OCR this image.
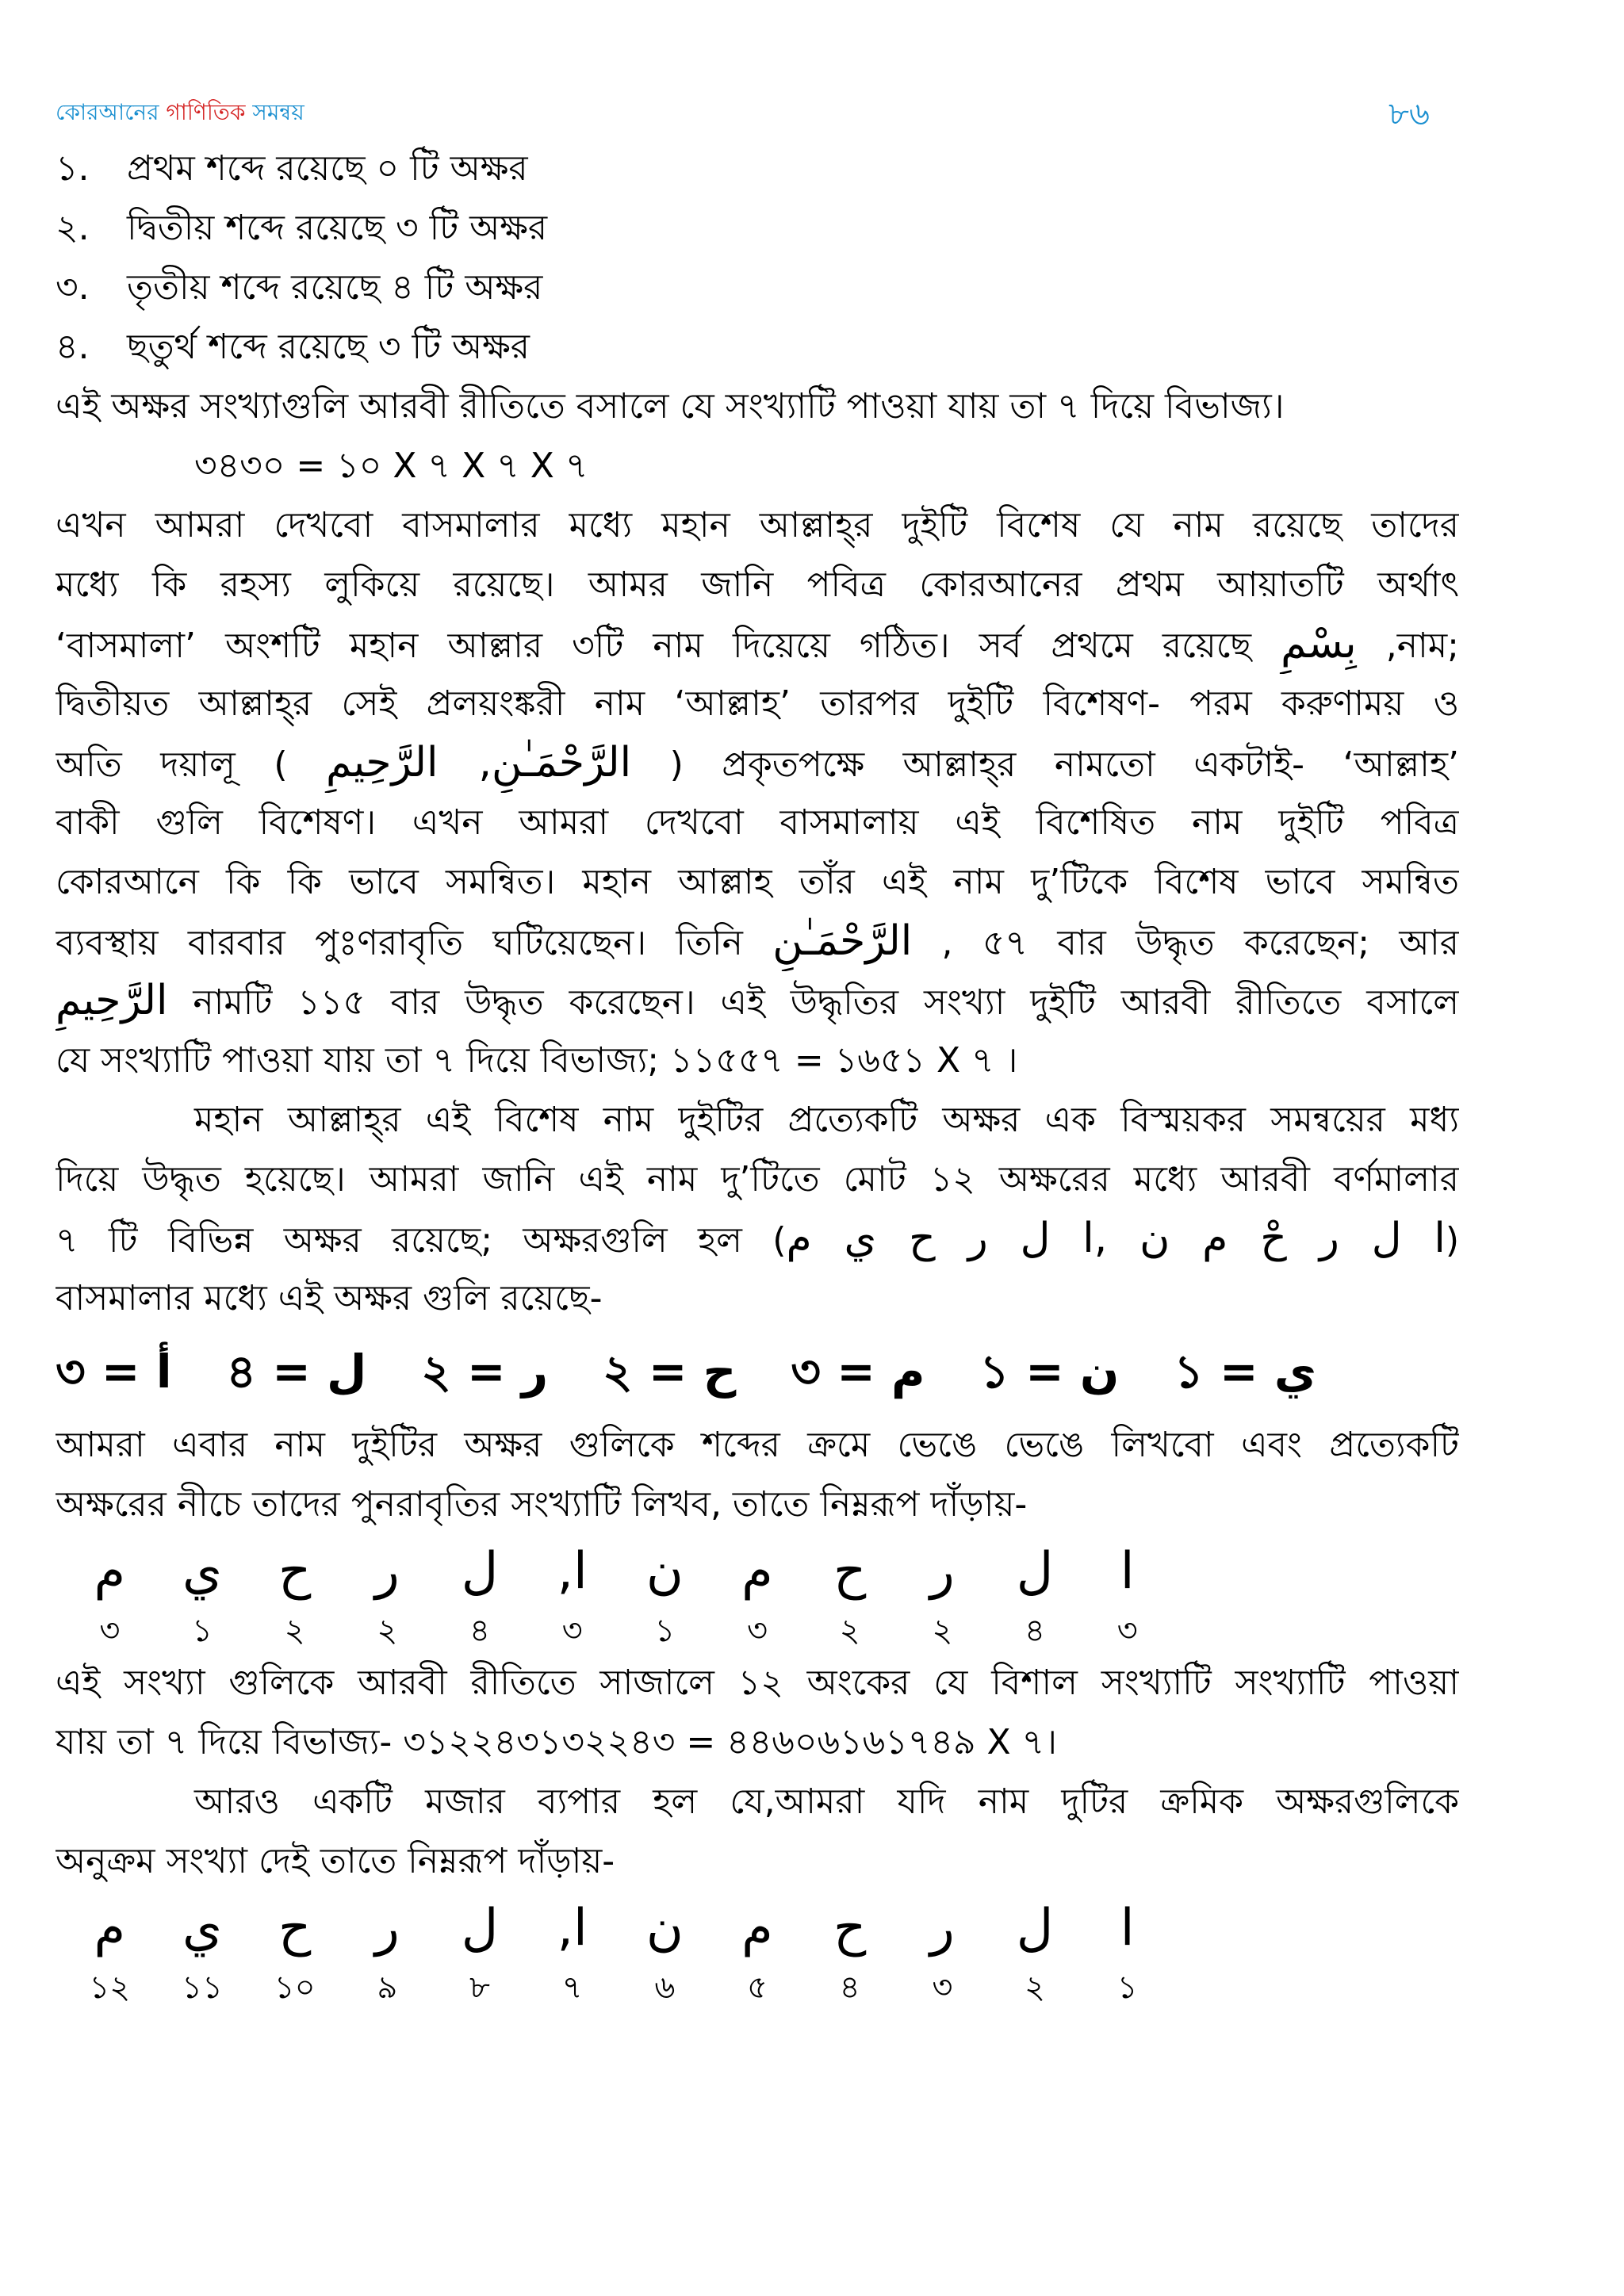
কোরআনের গাণিতিক সমন্বয়	৮৬
১. প্রথম শব্দে রয়েছে ০ টি অক্ষর
২. দ্বিতীয় শব্দে রয়েছে ৩ টি অক্ষর
৩. তৃতীয় শব্দে রয়েছে ৪ টি অক্ষর
৪. ছতুর্থ শব্দে রয়েছে ৩ টি অক্ষর
এই অক্ষর সংখ্যাগুলি আরবী রীতিতে বসালে যে সংখ্যাটি পাওয়া যায় তা ৭ দিয়ে বিভাজ্য।
৩৪৩০ = ১০ X ৭ X ৭ X ৭
এখন আমরা দেখবো বাসমালার মধ্যে মহান আল্লাহ্‌র দুইটি বিশেষ যে নাম রয়েছে তাদের
মধ্যে কি রহস্য লুকিয়ে রয়েছে। আমর জানি পবিত্র কোরআনের প্রথম আয়াতটি অর্থাৎ
‘বাসমালা’ অংশটি মহান আল্লার ৩টি নাম দিয়েয়ে গঠিত। সর্ব প্রথমে রয়েছে بِسْمِ ,নাম;
দ্বিতীয়ত আল্লাহ্‌র সেই প্রলয়ংঙ্করী নাম ‘আল্লাহ’ তারপর দুইটি বিশেষণ- পরম করুণাময় ও
অতি দয়ালূ ( الرَّحْمَـٰنِ, الرَّحِيمِ ) প্রকৃতপক্ষে আল্লাহ্‌র নামতো একটাই- ‘আল্লাহ’
বাকী গুলি বিশেষণ। এখন আমরা দেখবো বাসমালায় এই বিশেষিত নাম দুইটি পবিত্র
কোরআনে কি কি ভাবে সমন্বিত। মহান আল্লাহ তাঁর এই নাম দু’টিকে বিশেষ ভাবে সমন্বিত
ব্যবস্থায় বারবার পুঃণরাবৃতি ঘটিয়েছেন। তিনি الرَّحْمَـٰنِ , ৫৭ বার উদ্ধৃত করেছেন; আর
الرَّحِيمِ নামটি ১১৫ বার উদ্ধৃত করেছেন। এই উদ্ধৃতির সংখ্যা দুইটি আরবী রীতিতে বসালে
যে সংখ্যাটি পাওয়া যায় তা ৭ দিয়ে বিভাজ্য; ১১৫৫৭ = ১৬৫১ X ৭ ।
মহান আল্লাহ্‌র এই বিশেষ নাম দুইটির প্রত্যেকটি অক্ষর এক বিস্ময়কর সমন্বয়ের মধ্য
দিয়ে উদ্ধৃত হয়েছে। আমরা জানি এই নাম দু’টিতে মোট ১২ অক্ষরের মধ্যে আরবী বর্ণমালার
৭ টি বিভিন্ন অক্ষর রয়েছে; অক্ষরগুলি হল (ا ل ر حْ م ن ,ا ل ر ح ي م)
বাসমালার মধ্যে এই অক্ষর গুলি রয়েছে-
أ = ৩ ل = ৪ ر = ২ ح = ২ م = ৩ ن = ১ ي = ১
আমরা এবার নাম দুইটির অক্ষর গুলিকে শব্দের ক্রমে ভেঙে ভেঙে লিখবো এবং প্রত্যেকটি
অক্ষরের নীচে তাদের পুনরাবৃতির সংখ্যাটি লিখব, তাতে নিম্নরূপ দাঁড়ায়-
م	ي	ح	ر	ل	ا,	ن	م	ح	ر	ل	ا
৩	১	২	২	৪	৩	১	৩	২	২	৪	৩
এই সংখ্যা গুলিকে আরবী রীতিতে সাজালে ১২ অংকের যে বিশাল সংখ্যাটি সংখ্যাটি পাওয়া
যায় তা ৭ দিয়ে বিভাজ্য- ৩১২২৪৩১৩২২৪৩ = ৪৪৬০৬১৬১৭৪৯ X ৭।
আরও একটি মজার ব্যপার হল যে,আমরা যদি নাম দুটির ক্রমিক অক্ষরগুলিকে
অনুক্রম সংখ্যা দেই তাতে নিম্নরূপ দাঁড়ায়-
م	ي	ح	ر	ل	ا,	ن	م	ح	ر	ل	ا
১২	১১	১০	৯	৮	৭	৬	৫	৪	৩	২	১
